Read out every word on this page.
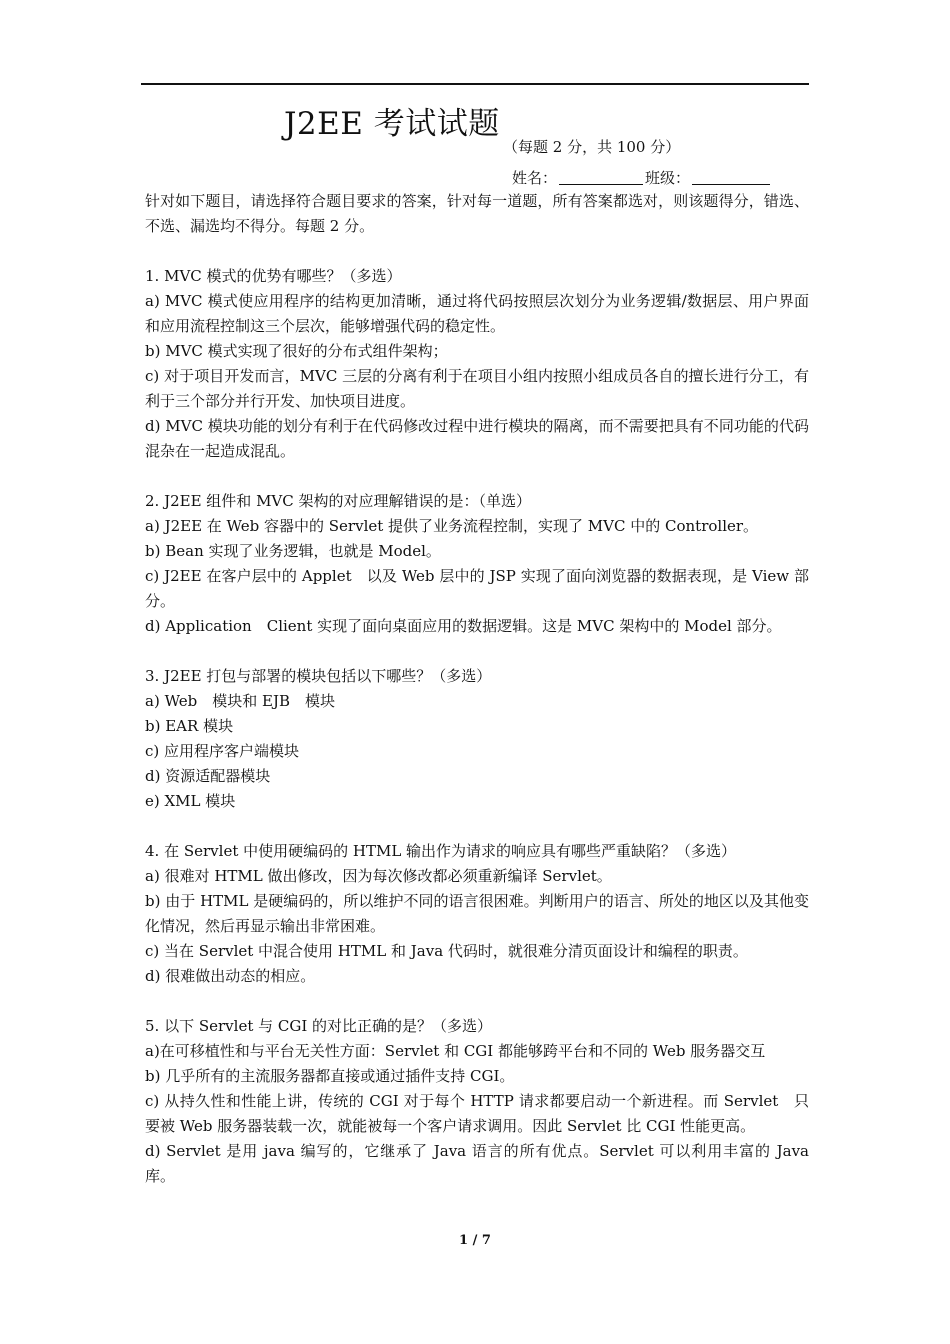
J2EE 考试试题
（每题 2 分，共 100 分）
姓名：	班级：

针对如下题目，请选择符合题目要求的答案，针对每一道题，所有答案都选对，则该题得分，错选、不选、漏选均不得分。每题 2 分。

1. MVC 模式的优势有哪些？（多选）

a) MVC 模式使应用程序的结构更加清晰，通过将代码按照层次划分为业务逻辑/数据层、用户界面和应用流程控制这三个层次，能够增强代码的稳定性。

b) MVC 模式实现了很好的分布式组件架构；

c) 对于项目开发而言，MVC 三层的分离有利于在项目小组内按照小组成员各自的擅长进行分工，有利于三个部分并行开发、加快项目进度。

d) MVC 模块功能的划分有利于在代码修改过程中进行模块的隔离，而不需要把具有不同功能的代码混杂在一起造成混乱。

2. J2EE 组件和 MVC 架构的对应理解错误的是：（单选）

a) J2EE 在 Web 容器中的 Servlet 提供了业务流程控制，实现了 MVC 中的 Controller。

b) Bean 实现了业务逻辑，也就是 Model。

c) J2EE 在客户层中的 Applet　以及 Web 层中的 JSP 实现了面向浏览器的数据表现，是 View 部分。

d) Application　Client 实现了面向桌面应用的数据逻辑。这是 MVC 架构中的 Model 部分。

3. J2EE 打包与部署的模块包括以下哪些？（多选）

a) Web　模块和 EJB　模块

b) EAR 模块

c) 应用程序客户端模块

d) 资源适配器模块

e) XML 模块

4. 在 Servlet 中使用硬编码的 HTML 输出作为请求的响应具有哪些严重缺陷？（多选）

a) 很难对 HTML 做出修改，因为每次修改都必须重新编译 Servlet。

b) 由于 HTML 是硬编码的，所以维护不同的语言很困难。判断用户的语言、所处的地区以及其他变化情况，然后再显示输出非常困难。

c) 当在 Servlet 中混合使用 HTML 和 Java 代码时，就很难分清页面设计和编程的职责。

d) 很难做出动态的相应。

5. 以下 Servlet 与 CGI 的对比正确的是？（多选）

a)在可移植性和与平台无关性方面：Servlet 和 CGI 都能够跨平台和不同的 Web 服务器交互

b) 几乎所有的主流服务器都直接或通过插件支持 CGI。

c) 从持久性和性能上讲，传统的 CGI 对于每个 HTTP 请求都要启动一个新进程。而 Servlet　只要被 Web 服务器装载一次，就能被每一个客户请求调用。因此 Servlet 比 CGI 性能更高。

d) Servlet 是用 java 编写的，它继承了 Java 语言的所有优点。Servlet 可以利用丰富的 Java 库。

1 / 7
